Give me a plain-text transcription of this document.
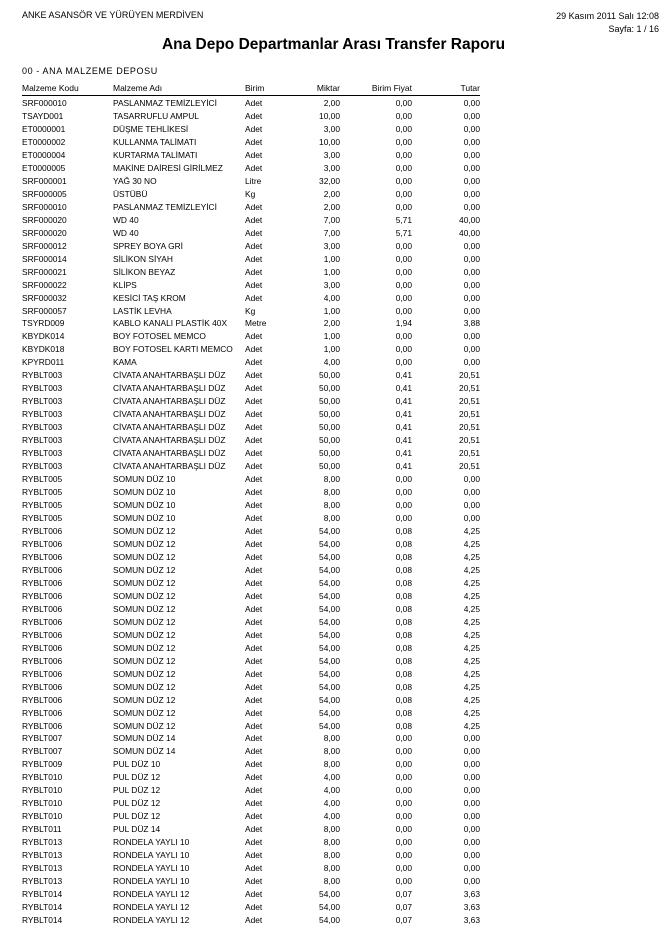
ANKE ASANSÖR VE YÜRÜYEN MERDİVEN	29 Kasım 2011 Salı 12:08
Sayfa: 1 / 16
Ana Depo Departmanlar Arası Transfer Raporu
00 - ANA MALZEME DEPOSU
Malzeme Kodu	Malzeme Adı	Birim	Miktar	Birim Fiyat	Tutar
SRF000010	PASLANMAZ TEMİZLEYİCİ	Adet	2,00	0,00	0,00
TSAYD001	TASARRUFLU AMPUL	Adet	10,00	0,00	0,00
ET0000001	DÜŞME TEHLİKESİ	Adet	3,00	0,00	0,00
ET0000002	KULLANMA TALİMATI	Adet	10,00	0,00	0,00
ET0000004	KURTARMA TALİMATI	Adet	3,00	0,00	0,00
ET0000005	MAKİNE DAİRESİ GİRİLMEZ	Adet	3,00	0,00	0,00
SRF000001	YAĞ 30 NO	Litre	32,00	0,00	0,00
SRF000005	ÜSTÜBÜ	Kg	2,00	0,00	0,00
SRF000010	PASLANMAZ TEMİZLEYİCİ	Adet	2,00	0,00	0,00
SRF000020	WD 40	Adet	7,00	5,71	40,00
SRF000020	WD 40	Adet	7,00	5,71	40,00
SRF000012	SPREY BOYA GRİ	Adet	3,00	0,00	0,00
SRF000014	SİLİKON SİYAH	Adet	1,00	0,00	0,00
SRF000021	SİLİKON BEYAZ	Adet	1,00	0,00	0,00
SRF000022	KLİPS	Adet	3,00	0,00	0,00
SRF000032	KESİCİ TAŞ KROM	Adet	4,00	0,00	0,00
SRF000057	LASTİK LEVHA	Kg	1,00	0,00	0,00
TSYRD009	KABLO KANALI PLASTİK 40X	Metre	2,00	1,94	3,88
KBYDK014	BOY FOTOSEL MEMCO	Adet	1,00	0,00	0,00
KBYDK018	BOY FOTOSEL KARTI MEMCO	Adet	1,00	0,00	0,00
KPYRD011	KAMA	Adet	4,00	0,00	0,00
RYBLT003	CİVATA ANAHTARBAŞLI DÜZ	Adet	50,00	0,41	20,51
RYBLT003	CİVATA ANAHTARBAŞLI DÜZ	Adet	50,00	0,41	20,51
RYBLT003	CİVATA ANAHTARBAŞLI DÜZ	Adet	50,00	0,41	20,51
RYBLT003	CİVATA ANAHTARBAŞLI DÜZ	Adet	50,00	0,41	20,51
RYBLT003	CİVATA ANAHTARBAŞLI DÜZ	Adet	50,00	0,41	20,51
RYBLT003	CİVATA ANAHTARBAŞLI DÜZ	Adet	50,00	0,41	20,51
RYBLT003	CİVATA ANAHTARBAŞLI DÜZ	Adet	50,00	0,41	20,51
RYBLT003	CİVATA ANAHTARBAŞLI DÜZ	Adet	50,00	0,41	20,51
RYBLT005	SOMUN DÜZ 10	Adet	8,00	0,00	0,00
RYBLT005	SOMUN DÜZ 10	Adet	8,00	0,00	0,00
RYBLT005	SOMUN DÜZ 10	Adet	8,00	0,00	0,00
RYBLT005	SOMUN DÜZ 10	Adet	8,00	0,00	0,00
RYBLT006	SOMUN DÜZ 12	Adet	54,00	0,08	4,25
RYBLT006	SOMUN DÜZ 12	Adet	54,00	0,08	4,25
RYBLT006	SOMUN DÜZ 12	Adet	54,00	0,08	4,25
RYBLT006	SOMUN DÜZ 12	Adet	54,00	0,08	4,25
RYBLT006	SOMUN DÜZ 12	Adet	54,00	0,08	4,25
RYBLT006	SOMUN DÜZ 12	Adet	54,00	0,08	4,25
RYBLT006	SOMUN DÜZ 12	Adet	54,00	0,08	4,25
RYBLT006	SOMUN DÜZ 12	Adet	54,00	0,08	4,25
RYBLT006	SOMUN DÜZ 12	Adet	54,00	0,08	4,25
RYBLT006	SOMUN DÜZ 12	Adet	54,00	0,08	4,25
RYBLT006	SOMUN DÜZ 12	Adet	54,00	0,08	4,25
RYBLT006	SOMUN DÜZ 12	Adet	54,00	0,08	4,25
RYBLT006	SOMUN DÜZ 12	Adet	54,00	0,08	4,25
RYBLT006	SOMUN DÜZ 12	Adet	54,00	0,08	4,25
RYBLT006	SOMUN DÜZ 12	Adet	54,00	0,08	4,25
RYBLT006	SOMUN DÜZ 12	Adet	54,00	0,08	4,25
RYBLT007	SOMUN DÜZ 14	Adet	8,00	0,00	0,00
RYBLT007	SOMUN DÜZ 14	Adet	8,00	0,00	0,00
RYBLT009	PUL DÜZ 10	Adet	8,00	0,00	0,00
RYBLT010	PUL DÜZ 12	Adet	4,00	0,00	0,00
RYBLT010	PUL DÜZ 12	Adet	4,00	0,00	0,00
RYBLT010	PUL DÜZ 12	Adet	4,00	0,00	0,00
RYBLT010	PUL DÜZ 12	Adet	4,00	0,00	0,00
RYBLT011	PUL DÜZ 14	Adet	8,00	0,00	0,00
RYBLT013	RONDELA YAYLI 10	Adet	8,00	0,00	0,00
RYBLT013	RONDELA YAYLI 10	Adet	8,00	0,00	0,00
RYBLT013	RONDELA YAYLI 10	Adet	8,00	0,00	0,00
RYBLT013	RONDELA YAYLI 10	Adet	8,00	0,00	0,00
RYBLT014	RONDELA YAYLI 12	Adet	54,00	0,07	3,63
RYBLT014	RONDELA YAYLI 12	Adet	54,00	0,07	3,63
RYBLT014	RONDELA YAYLI 12	Adet	54,00	0,07	3,63
